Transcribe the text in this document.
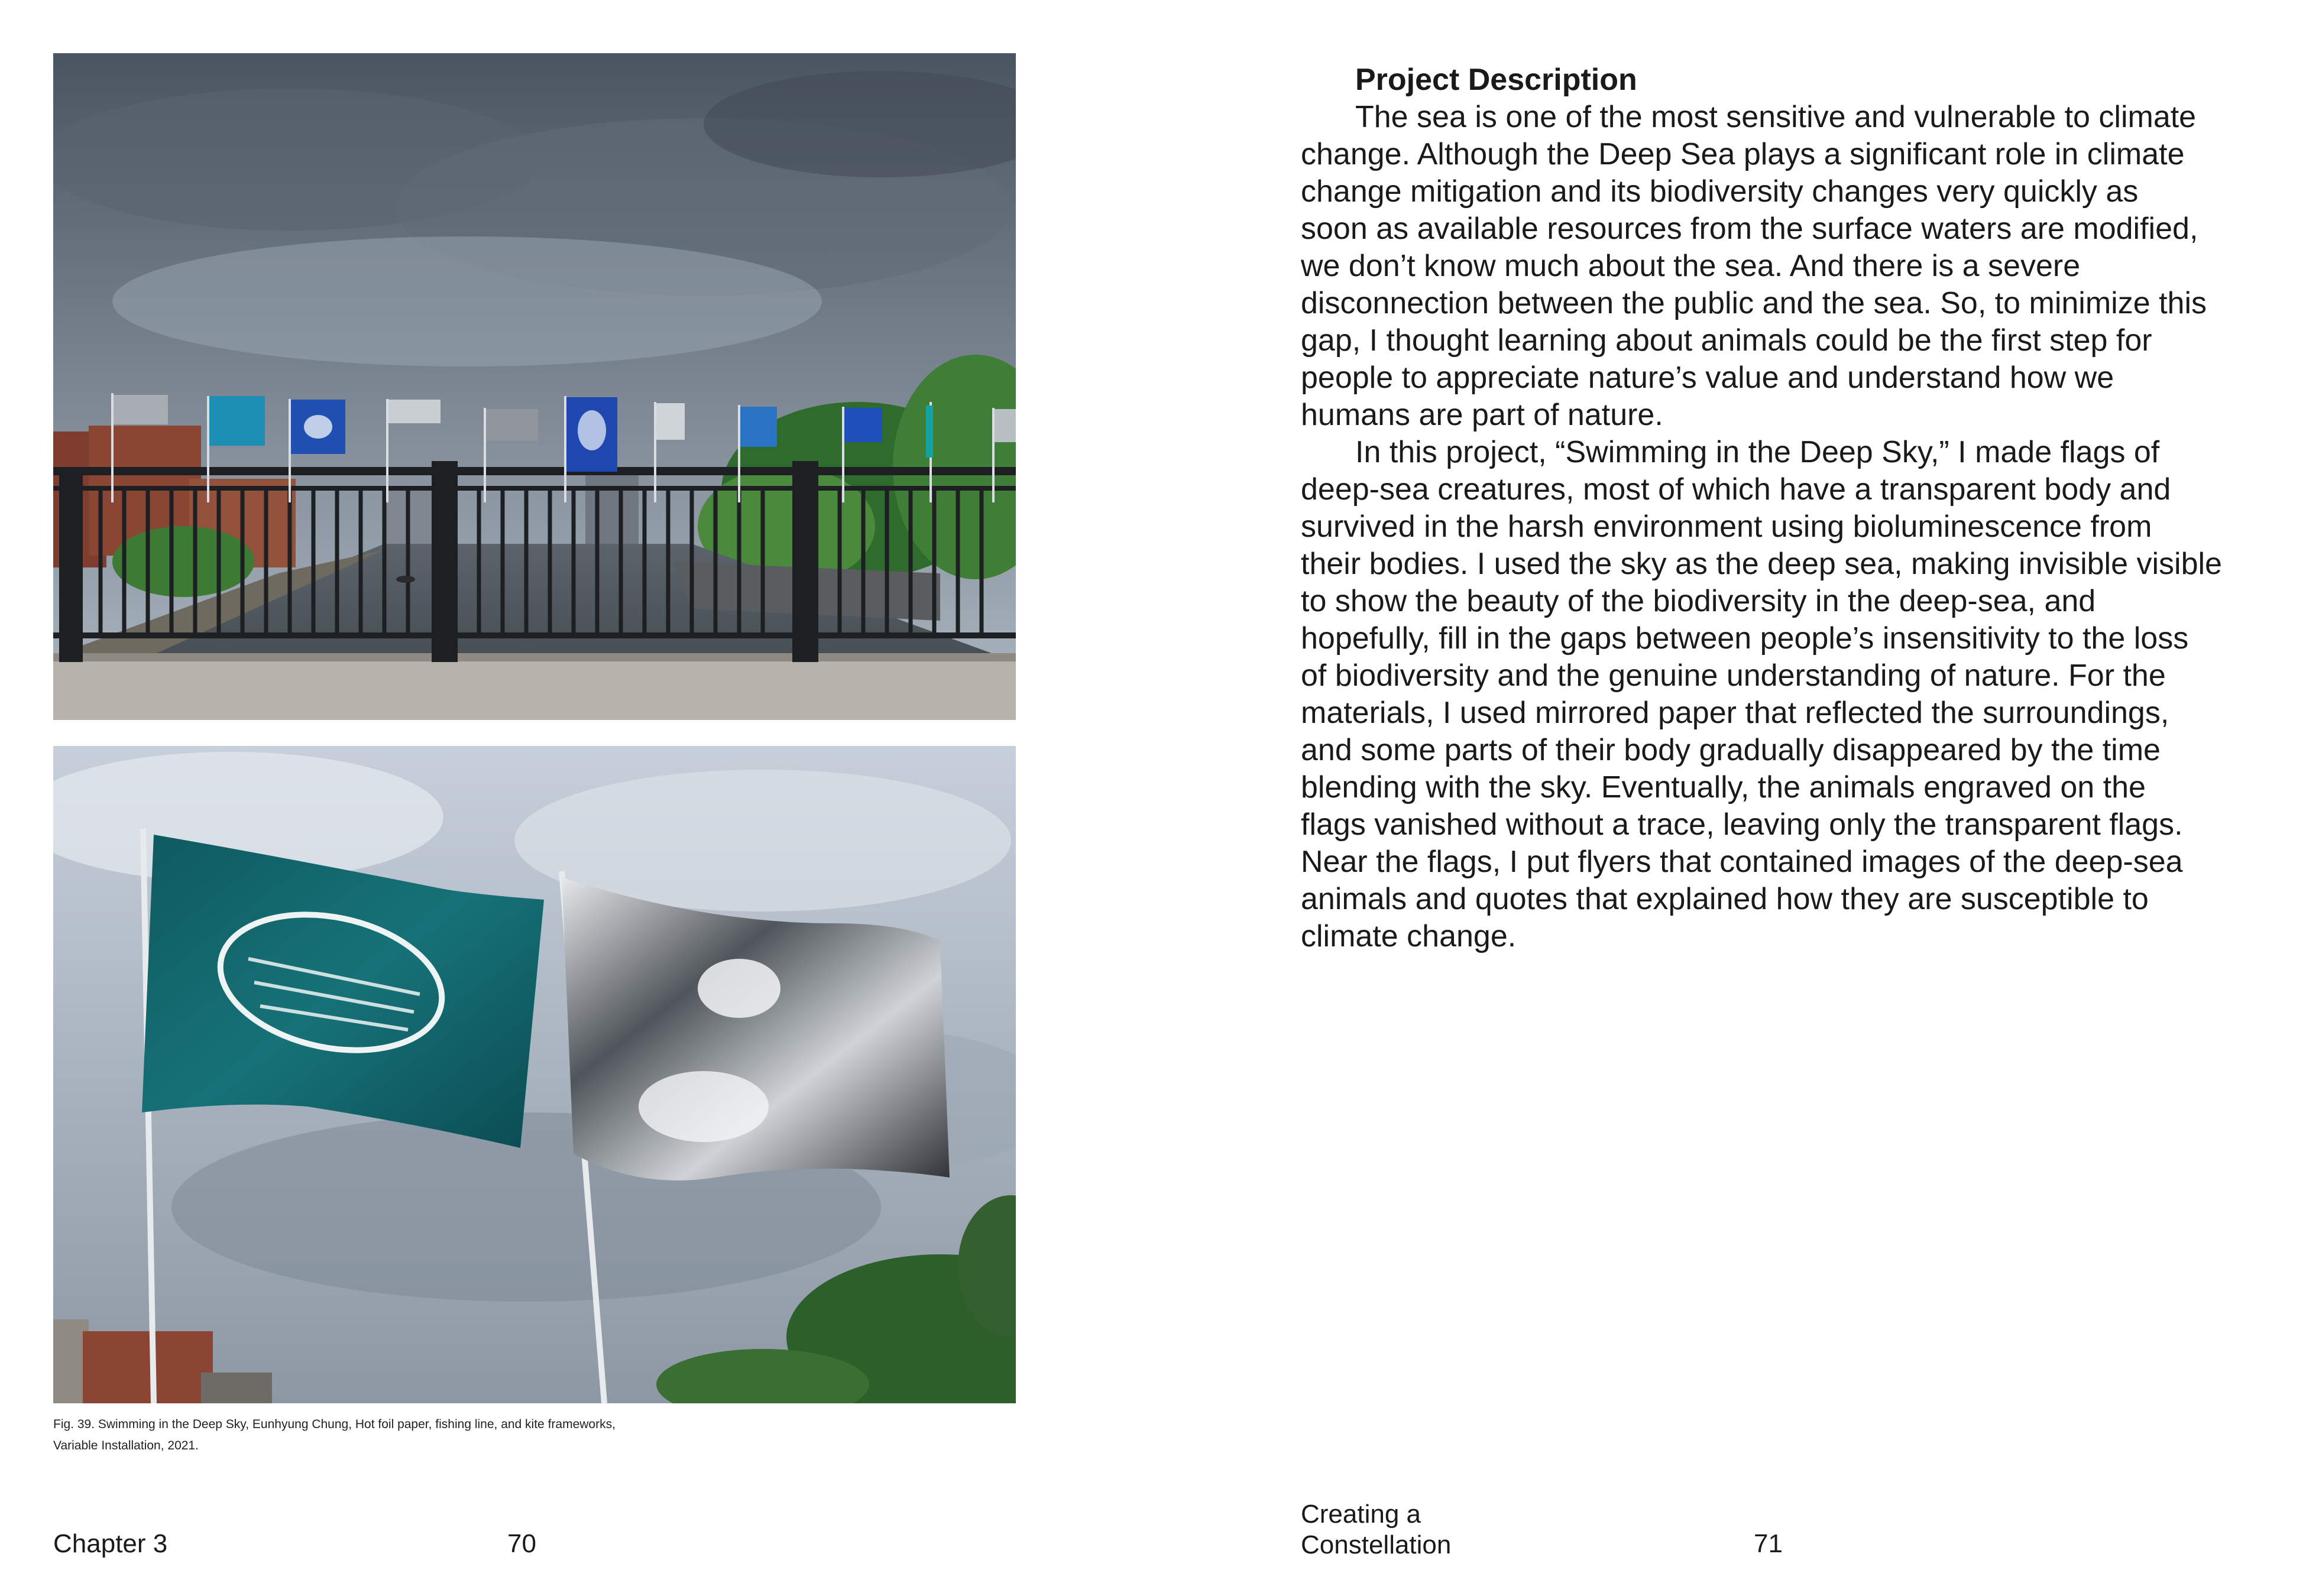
Fig. 39. Swimming in the Deep Sky, Eunhyung Chung, Hot foil paper, fishing line, and kite frameworks,
Variable Installation, 2021.
Chapter 3	70
Project Description
The sea is one of the most sensitive and vulnerable to climate
change. Although the Deep Sea plays a significant role in climate
change mitigation and its biodiversity changes very quickly as
soon as available resources from the surface waters are modified,
we don’t know much about the sea. And there is a severe
disconnection between the public and the sea. So, to minimize this
gap, I thought learning about animals could be the first step for
people to appreciate nature’s value and understand how we
humans are part of nature.
In this project, “Swimming in the Deep Sky,” I made flags of
deep-sea creatures, most of which have a transparent body and
survived in the harsh environment using bioluminescence from
their bodies. I used the sky as the deep sea, making invisible visible
to show the beauty of the biodiversity in the deep-sea, and
hopefully, fill in the gaps between people’s insensitivity to the loss
of biodiversity and the genuine understanding of nature. For the
materials, I used mirrored paper that reflected the surroundings,
and some parts of their body gradually disappeared by the time
blending with the sky. Eventually, the animals engraved on the
flags vanished without a trace, leaving only the transparent flags.
Near the flags, I put flyers that contained images of the deep-sea
animals and quotes that explained how they are susceptible to
climate change.
Creating a
Constellation	71
